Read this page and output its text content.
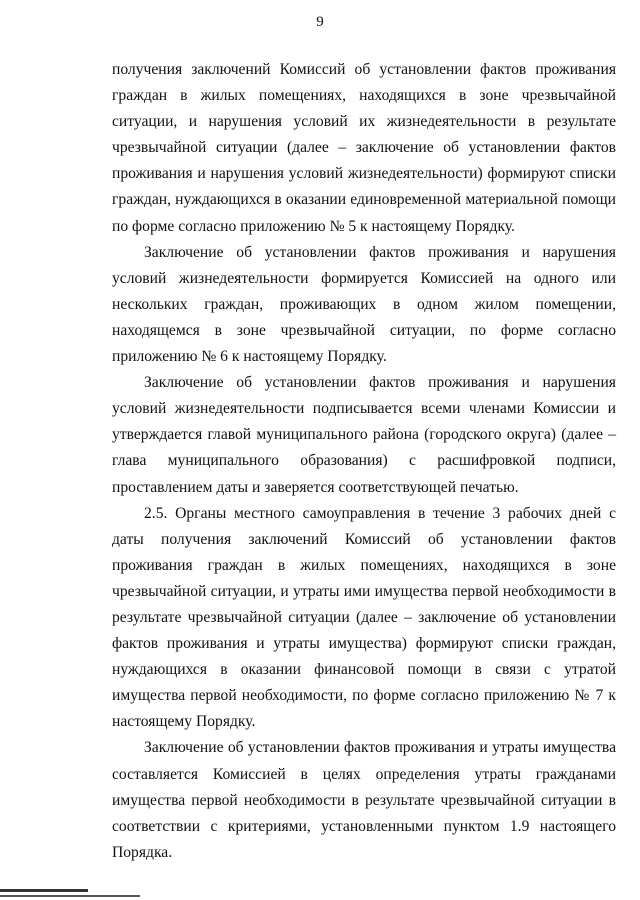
9

получения заключений Комиссий об установлении фактов проживания граждан в жилых помещениях, находящихся в зоне чрезвычайной ситуации, и нарушения условий их жизнедеятельности в результате чрезвычайной ситуации (далее – заключение об установлении фактов проживания и нарушения условий жизнедеятельности) формируют списки граждан, нуждающихся в оказании единовременной материальной помощи по форме согласно приложению № 5 к настоящему Порядку.

Заключение об установлении фактов проживания и нарушения условий жизнедеятельности формируется Комиссией на одного или нескольких граждан, проживающих в одном жилом помещении, находящемся в зоне чрезвычайной ситуации, по форме согласно приложению № 6 к настоящему Порядку.

Заключение об установлении фактов проживания и нарушения условий жизнедеятельности подписывается всеми членами Комиссии и утверждается главой муниципального района (городского округа) (далее – глава муниципального образования) с расшифровкой подписи, проставлением даты и заверяется соответствующей печатью.

2.5. Органы местного самоуправления в течение 3 рабочих дней с даты получения заключений Комиссий об установлении фактов проживания граждан в жилых помещениях, находящихся в зоне чрезвычайной ситуации, и утраты ими имущества первой необходимости в результате чрезвычайной ситуации (далее – заключение об установлении фактов проживания и утраты имущества) формируют списки граждан, нуждающихся в оказании финансовой помощи в связи с утратой имущества первой необходимости, по форме согласно приложению № 7 к настоящему Порядку.

Заключение об установлении фактов проживания и утраты имущества составляется Комиссией в целях определения утраты гражданами имущества первой необходимости в результате чрезвычайной ситуации в соответствии с критериями, установленными пунктом 1.9 настоящего Порядка.
